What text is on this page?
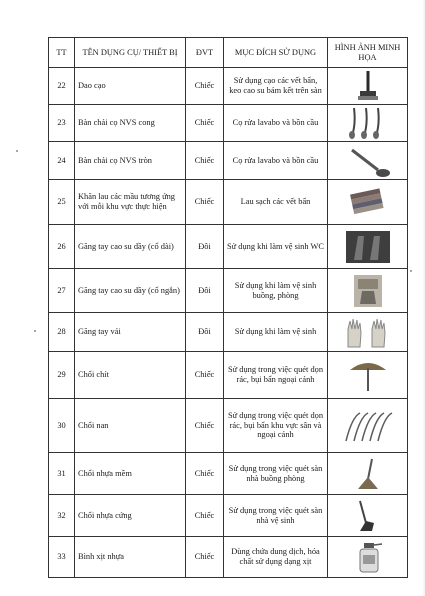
TT	TÊN DỤNG CỤ/ THIẾT BỊ	ĐVT	MỤC ĐÍCH SỬ DỤNG	HÌNH ẢNH MINH HỌA
22	Dao cạo	Chiếc	Sử dụng cạo các vết bẩn, keo cao su bám kết trên sàn	

23	Bàn chải cọ NVS cong	Chiếc	Cọ rửa lavabo và bồn cầu	

24	Bàn chải cọ NVS tròn	Chiếc	Cọ rửa lavabo và bồn cầu	

25	Khăn lau các mầu tương ứng với mỗi khu vực thực hiện	Chiếc	Lau sạch các vết bẩn	

26	Găng tay cao su dầy (cổ dài)	Đôi	Sử dụng khi làm vệ sinh WC	

27	Găng tay cao su dầy (cổ ngắn)	Đôi	Sử dụng khi làm vệ sinh buồng, phòng	

28	Găng tay vải	Đôi	Sử dụng khi làm vệ sinh	

29	Chổi chít	Chiếc	Sử dụng trong việc quét dọn rác, bụi bẩn ngoại cảnh	

30	Chổi nan	Chiếc	Sử dụng trong việc quét dọn rác, bụi bẩn khu vực sân và ngoại cảnh	

31	Chổi nhựa mềm	Chiếc	Sử dụng trong việc quét sàn nhà buồng phòng	

32	Chổi nhựa cứng	Chiếc	Sử dụng trong việc quét sàn nhà vệ sinh	

33	Bình xịt nhựa	Chiếc	Dùng chứa dung dịch, hóa chất sử dụng dạng xịt	
